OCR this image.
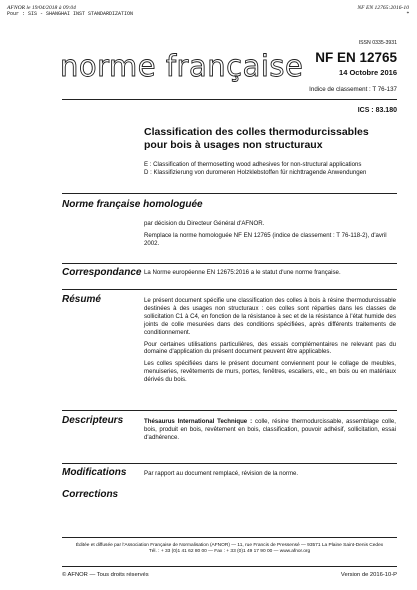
AFNOR le 19/04/2018 à 09:04
Pour : SIS - SHANGHAI INST STANDARDIZATION
NF EN 12765:2016-10
*
ISSN 0335-3931
norme française NF EN 12765
14 Octobre 2016
Indice de classement : T 76-137
ICS : 83.180
Classification des colles thermodurcissables pour bois à usages non structuraux
E : Classification of thermosetting wood adhesives for non-structural applications
D : Klassifizierung von duromeren Holzklebstoffen für nichttragende Anwendungen
Norme française homologuée

par décision du Directeur Général d'AFNOR.

Remplace la norme homologuée NF EN 12765 (indice de classement : T 76-118-2), d'avril 2002.

Correspondance La Norme européenne EN 12675:2016 a le statut d'une norme française.

Résumé	Le présent document spécifie une classification des colles à bois à résine thermodurcissable destinées à des usages non structuraux : ces colles sont réparties dans les classes de sollicitation C1 à C4, en fonction de la résistance à sec et de la résistance à l'état humide des joints de colle mesurées dans des conditions spécifiées, après différents traitements de conditionnement.

Pour certaines utilisations particulières, des essais complémentaires ne relevant pas du domaine d'application du présent document peuvent être applicables.

Les colles spécifiées dans le présent document conviennent pour le collage de meubles, menuiseries, revêtements de murs, portes, fenêtres, escaliers, etc., en bois ou en matériaux dérivés du bois.

Descripteurs	Thésaurus International Technique : colle, résine thermodurcissable, assemblage colle, bois, produit en bois, revêtement en bois, classification, pouvoir adhésif, sollicitation, essai d'adhérence.

Modifications	Par rapport au document remplacé, révision de la norme.

Corrections
Éditée et diffusée par l'Association Française de Normalisation (AFNOR) — 11, rue Francis de Pressensé — 93571 La Plaine Saint-Denis Cedex
Tél. : + 33 (0)1 41 62 80 00 — Fax : + 33 (0)1 49 17 90 00 — www.afnor.org
© AFNOR — Tous droits réservés	Version de 2016-10-P
